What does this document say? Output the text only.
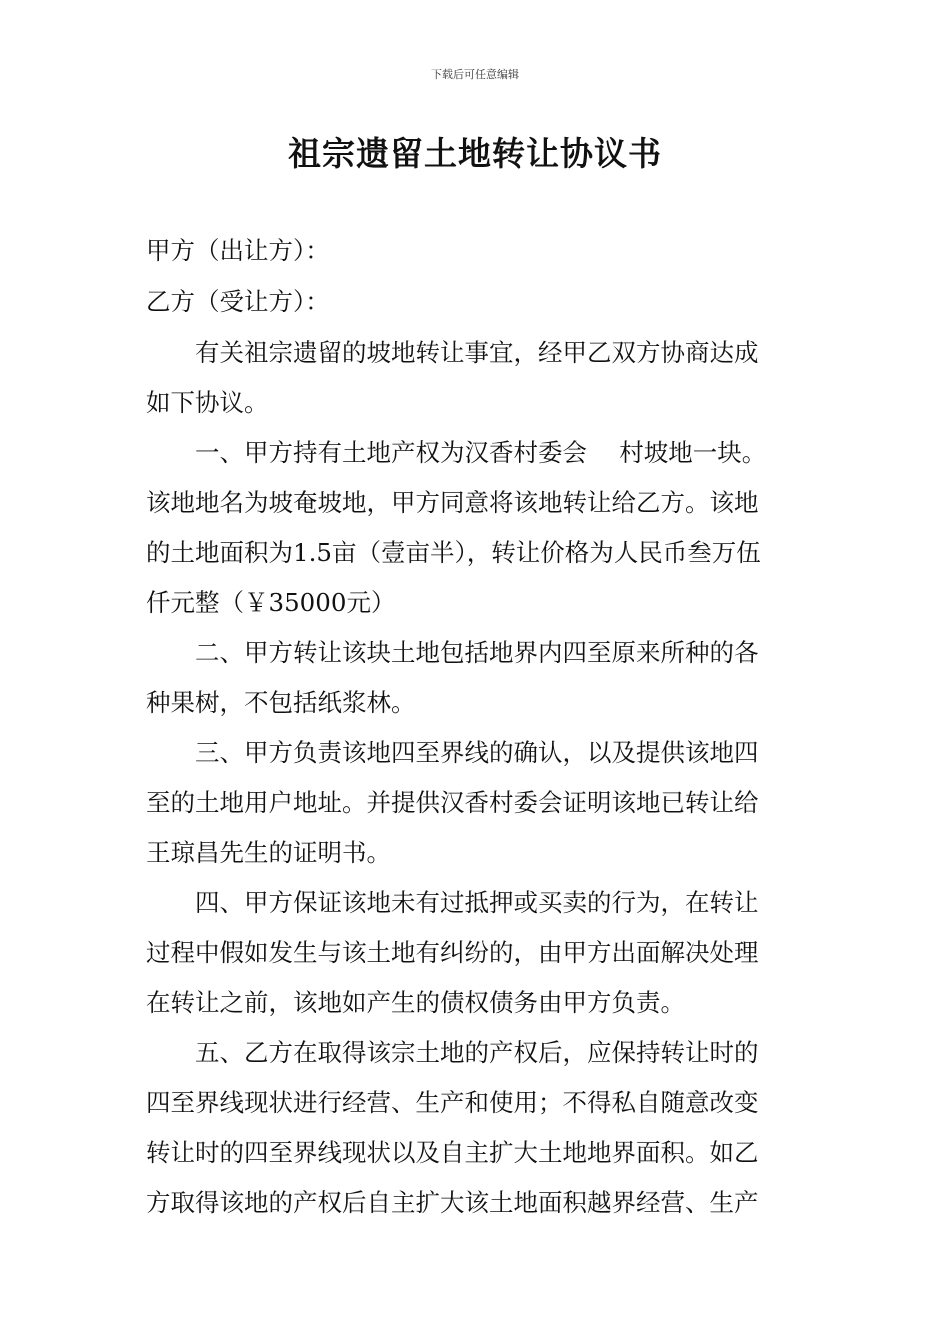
下载后可任意编辑
祖宗遗留土地转让协议书
甲方（出让方）：
乙方（受让方）：
　　有关祖宗遗留的坡地转让事宜，经甲乙双方协商达成
如下协议。
　　一、甲方持有土地产权为汉香村委会　 村坡地一块。
该地地名为坡奄坡地，甲方同意将该地转让给乙方。该地
的土地面积为1.5亩（壹亩半），转让价格为人民币叁万伍
仟元整（￥35000元）
　　二、甲方转让该块土地包括地界内四至原来所种的各
种果树，不包括纸浆林。
　　三、甲方负责该地四至界线的确认，以及提供该地四
至的土地用户地址。并提供汉香村委会证明该地已转让给
王琼昌先生的证明书。
　　四、甲方保证该地未有过抵押或买卖的行为，在转让
过程中假如发生与该土地有纠纷的，由甲方出面解决处理
在转让之前，该地如产生的债权债务由甲方负责。
　　五、乙方在取得该宗土地的产权后，应保持转让时的
四至界线现状进行经营、生产和使用；不得私自随意改变
转让时的四至界线现状以及自主扩大土地地界面积。如乙
方取得该地的产权后自主扩大该土地面积越界经营、生产
